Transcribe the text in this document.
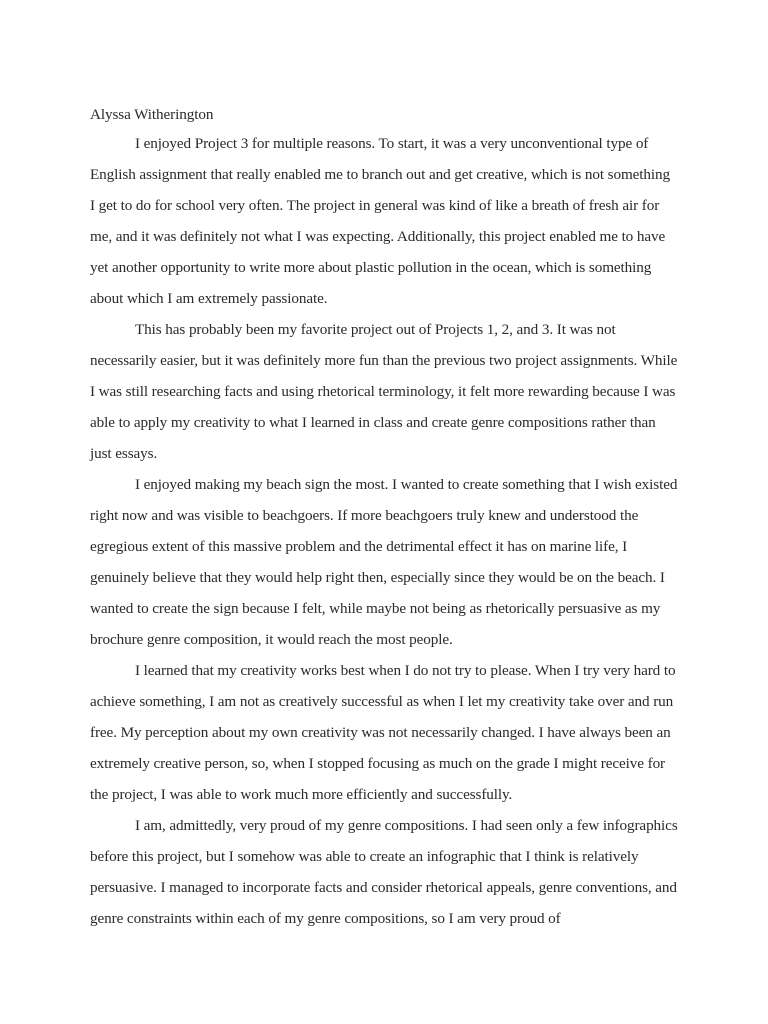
Alyssa Witherington

I enjoyed Project 3 for multiple reasons. To start, it was a very unconventional type of English assignment that really enabled me to branch out and get creative, which is not something I get to do for school very often. The project in general was kind of like a breath of fresh air for me, and it was definitely not what I was expecting. Additionally, this project enabled me to have yet another opportunity to write more about plastic pollution in the ocean, which is something about which I am extremely passionate.

This has probably been my favorite project out of Projects 1, 2, and 3. It was not necessarily easier, but it was definitely more fun than the previous two project assignments. While I was still researching facts and using rhetorical terminology, it felt more rewarding because I was able to apply my creativity to what I learned in class and create genre compositions rather than just essays.

I enjoyed making my beach sign the most. I wanted to create something that I wish existed right now and was visible to beachgoers. If more beachgoers truly knew and understood the egregious extent of this massive problem and the detrimental effect it has on marine life, I genuinely believe that they would help right then, especially since they would be on the beach. I wanted to create the sign because I felt, while maybe not being as rhetorically persuasive as my brochure genre composition, it would reach the most people.

I learned that my creativity works best when I do not try to please. When I try very hard to achieve something, I am not as creatively successful as when I let my creativity take over and run free. My perception about my own creativity was not necessarily changed. I have always been an extremely creative person, so, when I stopped focusing as much on the grade I might receive for the project, I was able to work much more efficiently and successfully.

I am, admittedly, very proud of my genre compositions. I had seen only a few infographics before this project, but I somehow was able to create an infographic that I think is relatively persuasive. I managed to incorporate facts and consider rhetorical appeals, genre conventions, and genre constraints within each of my genre compositions, so I am very proud of
